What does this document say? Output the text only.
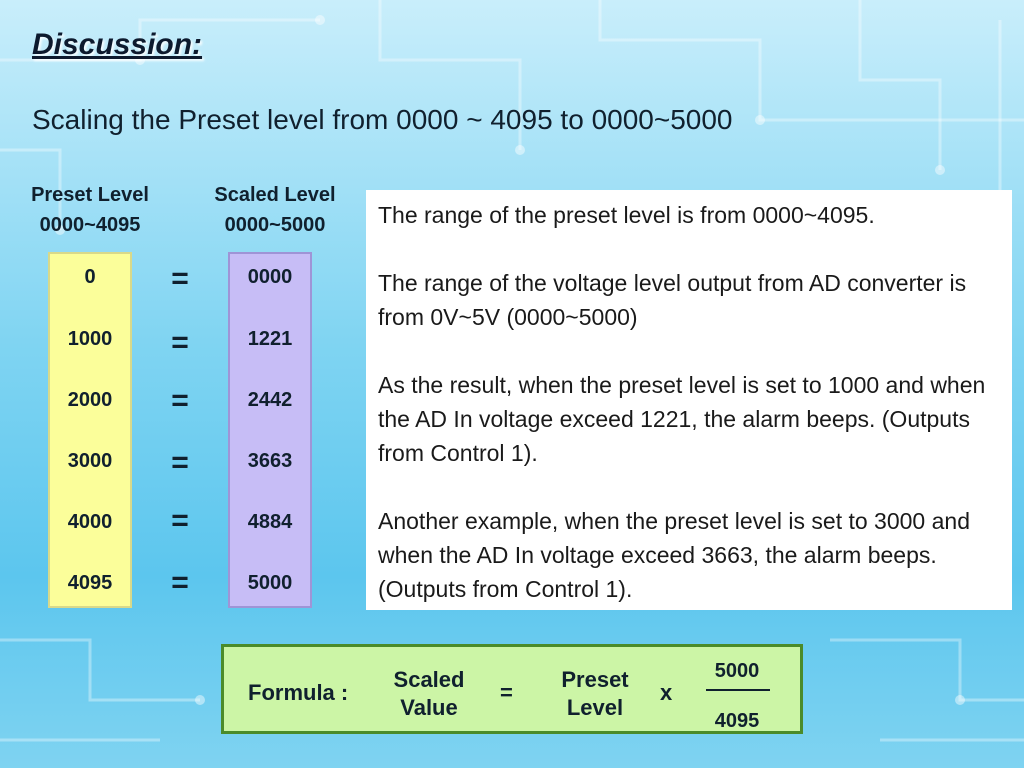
Discussion:
Scaling the Preset level from 0000 ~ 4095 to 0000~5000
Preset Level
0000~4095
Scaled Level
0000~5000
0
1000
2000
3000
4000
4095
=
=
=
=
=
=
0000
1221
2442
3663
4884
5000

The range of the preset level is from 0000~4095.

The range of the voltage level output from AD converter is from 0V~5V (0000~5000)

As the result, when the preset level is set to 1000 and when the AD In voltage exceed 1221, the alarm beeps. (Outputs from Control 1).

Another example, when the preset level is set to 3000 and when the AD In voltage exceed 3663, the alarm beeps. (Outputs from Control 1).

Formula :
Scaled
Value
=
Preset
Level
x
5000
4095
